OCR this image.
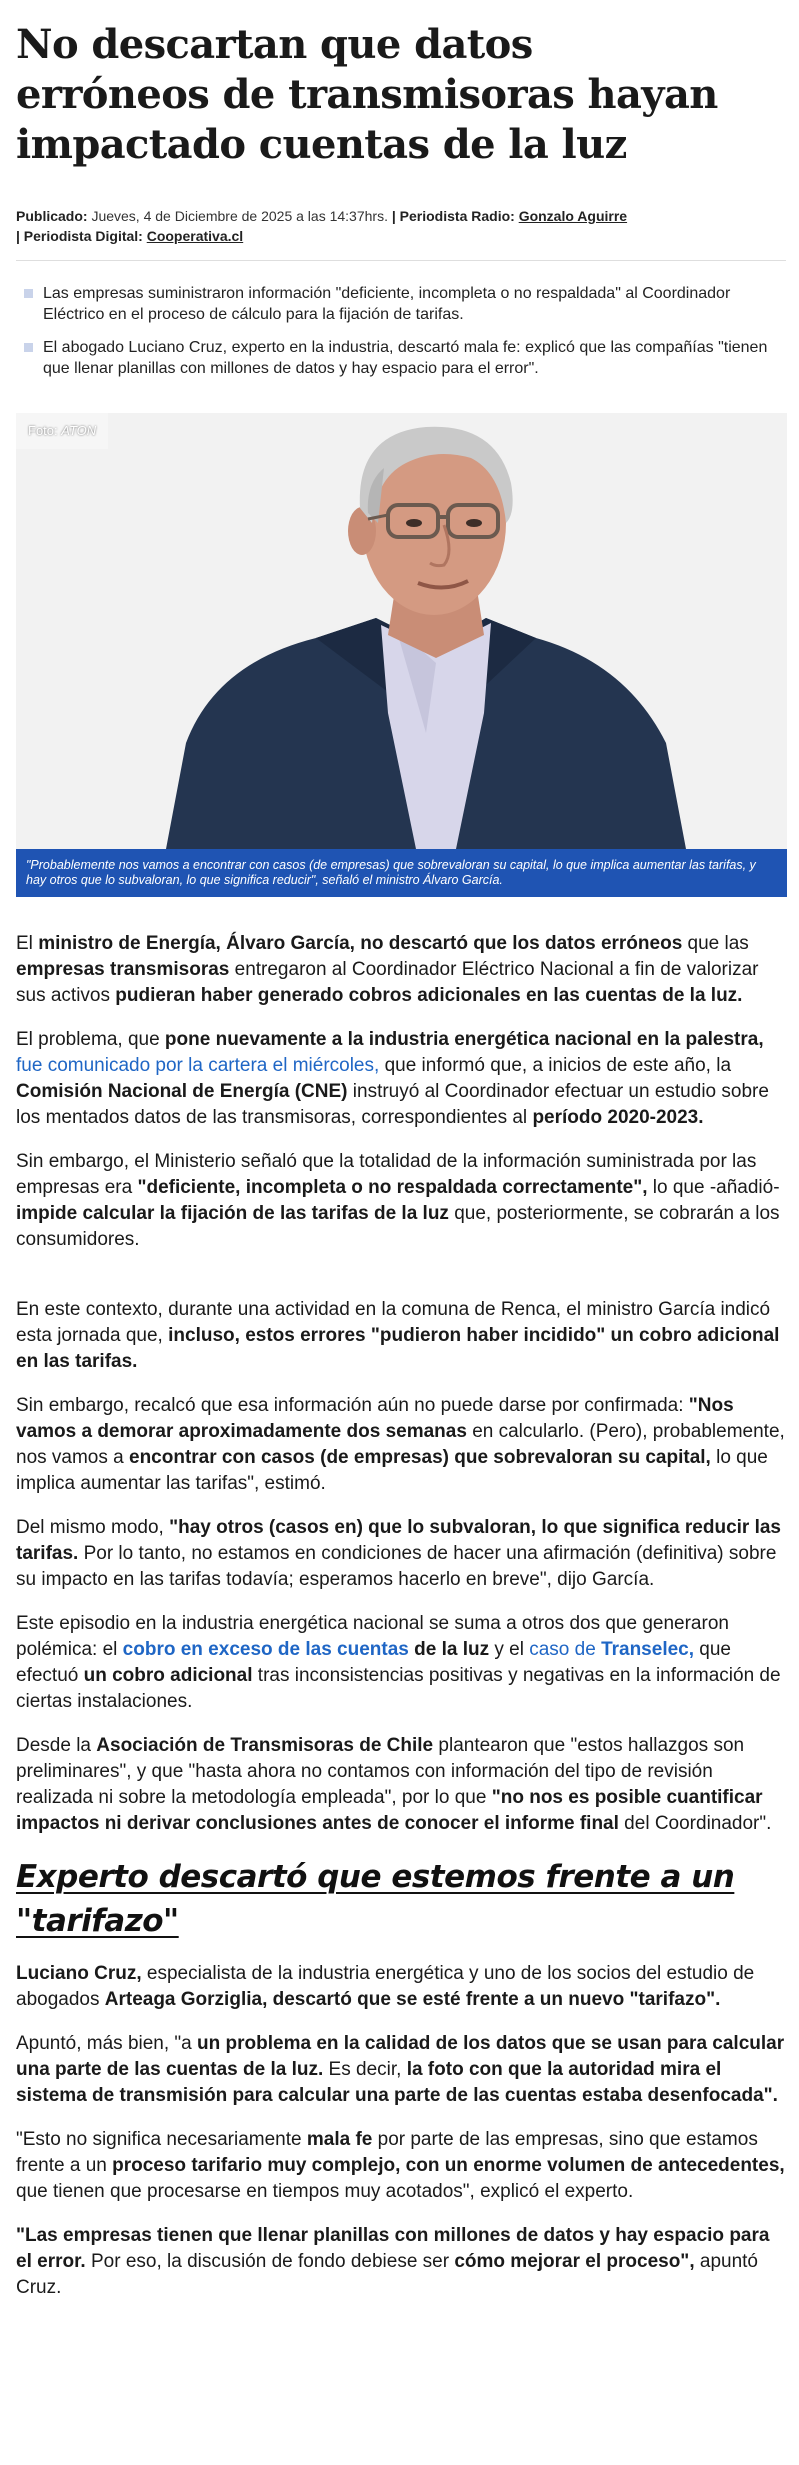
No descartan que datos erróneos de transmisoras hayan impactado cuentas de la luz
Publicado: Jueves, 4 de Diciembre de 2025 a las 14:37hrs. | Periodista Radio: Gonzalo Aguirre
| Periodista Digital: Cooperativa.cl
Las empresas suministraron información "deficiente, incompleta o no respaldada" al Coordinador Eléctrico en el proceso de cálculo para la fijación de tarifas.
El abogado Luciano Cruz, experto en la industria, descartó mala fe: explicó que las compañías "tienen que llenar planillas con millones de datos y hay espacio para el error".
Foto: ATON
"Probablemente nos vamos a encontrar con casos (de empresas) que sobrevaloran su capital, lo que implica aumentar las tarifas, y hay otros que lo subvaloran, lo que significa reducir", señaló el ministro Álvaro García.

El ministro de Energía, Álvaro García, no descartó que los datos erróneos que las empresas transmisoras entregaron al Coordinador Eléctrico Nacional a fin de valorizar sus activos pudieran haber generado cobros adicionales en las cuentas de la luz.

El problema, que pone nuevamente a la industria energética nacional en la palestra, fue comunicado por la cartera el miércoles, que informó que, a inicios de este año, la Comisión Nacional de Energía (CNE) instruyó al Coordinador efectuar un estudio sobre los mentados datos de las transmisoras, correspondientes al período 2020-2023.

Sin embargo, el Ministerio señaló que la totalidad de la información suministrada por las empresas era "deficiente, incompleta o no respaldada correctamente", lo que -añadió- impide calcular la fijación de las tarifas de la luz que, posteriormente, se cobrarán a los consumidores.

En este contexto, durante una actividad en la comuna de Renca, el ministro García indicó esta jornada que, incluso, estos errores "pudieron haber incidido" un cobro adicional en las tarifas.

Sin embargo, recalcó que esa información aún no puede darse por confirmada: "Nos vamos a demorar aproximadamente dos semanas en calcularlo. (Pero), probablemente, nos vamos a encontrar con casos (de empresas) que sobrevaloran su capital, lo que implica aumentar las tarifas", estimó.

Del mismo modo, "hay otros (casos en) que lo subvaloran, lo que significa reducir las tarifas. Por lo tanto, no estamos en condiciones de hacer una afirmación (definitiva) sobre su impacto en las tarifas todavía; esperamos hacerlo en breve", dijo García.

Este episodio en la industria energética nacional se suma a otros dos que generaron polémica: el cobro en exceso de las cuentas de la luz y el caso de Transelec, que efectuó un cobro adicional tras inconsistencias positivas y negativas en la información de ciertas instalaciones.

Desde la Asociación de Transmisoras de Chile plantearon que "estos hallazgos son preliminares", y que "hasta ahora no contamos con información del tipo de revisión realizada ni sobre la metodología empleada", por lo que "no nos es posible cuantificar impactos ni derivar conclusiones antes de conocer el informe final del Coordinador".

Experto descartó que estemos frente a un "tarifazo"

Luciano Cruz, especialista de la industria energética y uno de los socios del estudio de abogados Arteaga Gorziglia, descartó que se esté frente a un nuevo "tarifazo".

Apuntó, más bien, "a un problema en la calidad de los datos que se usan para calcular una parte de las cuentas de la luz. Es decir, la foto con que la autoridad mira el sistema de transmisión para calcular una parte de las cuentas estaba desenfocada".

"Esto no significa necesariamente mala fe por parte de las empresas, sino que estamos frente a un proceso tarifario muy complejo, con un enorme volumen de antecedentes, que tienen que procesarse en tiempos muy acotados", explicó el experto.

"Las empresas tienen que llenar planillas con millones de datos y hay espacio para el error. Por eso, la discusión de fondo debiese ser cómo mejorar el proceso", apuntó Cruz.
